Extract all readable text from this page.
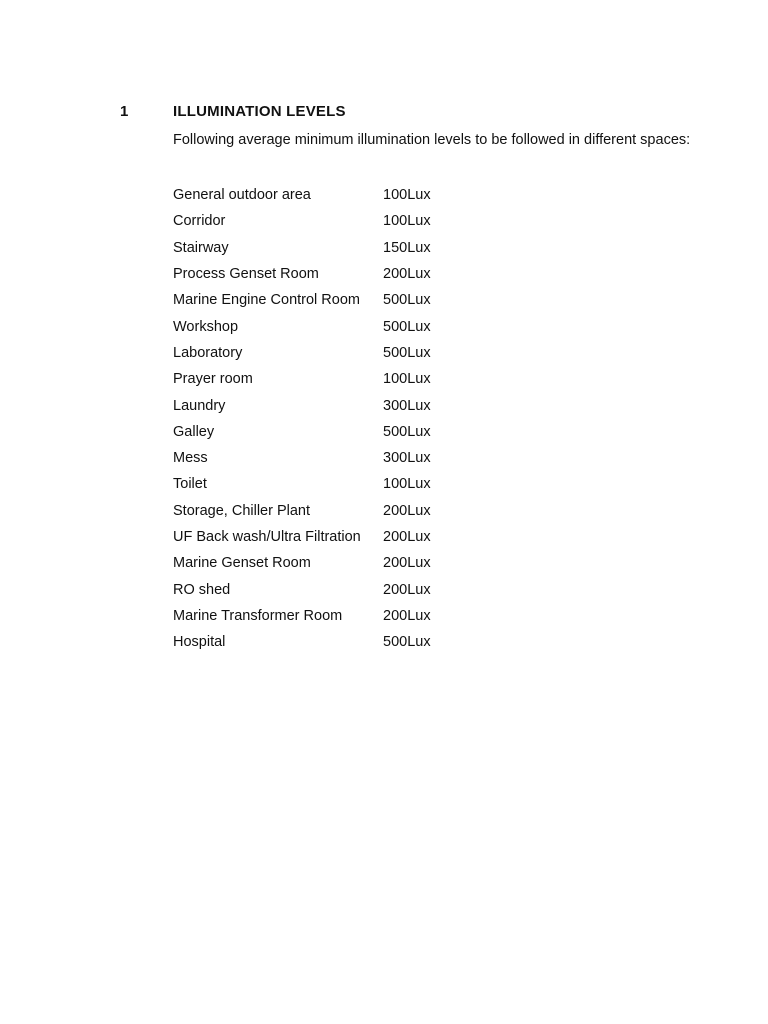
1	ILLUMINATION LEVELS
Following average minimum illumination levels to be followed in different spaces:
General outdoor area	100Lux
Corridor	100Lux
Stairway	150Lux
Process Genset Room	200Lux
Marine Engine Control Room	500Lux
Workshop	500Lux
Laboratory	500Lux
Prayer room	100Lux
Laundry	300Lux
Galley	500Lux
Mess	300Lux
Toilet	100Lux
Storage, Chiller Plant	200Lux
UF Back wash/Ultra Filtration	200Lux
Marine Genset Room	200Lux
RO shed	200Lux
Marine Transformer Room	200Lux
Hospital	500Lux
